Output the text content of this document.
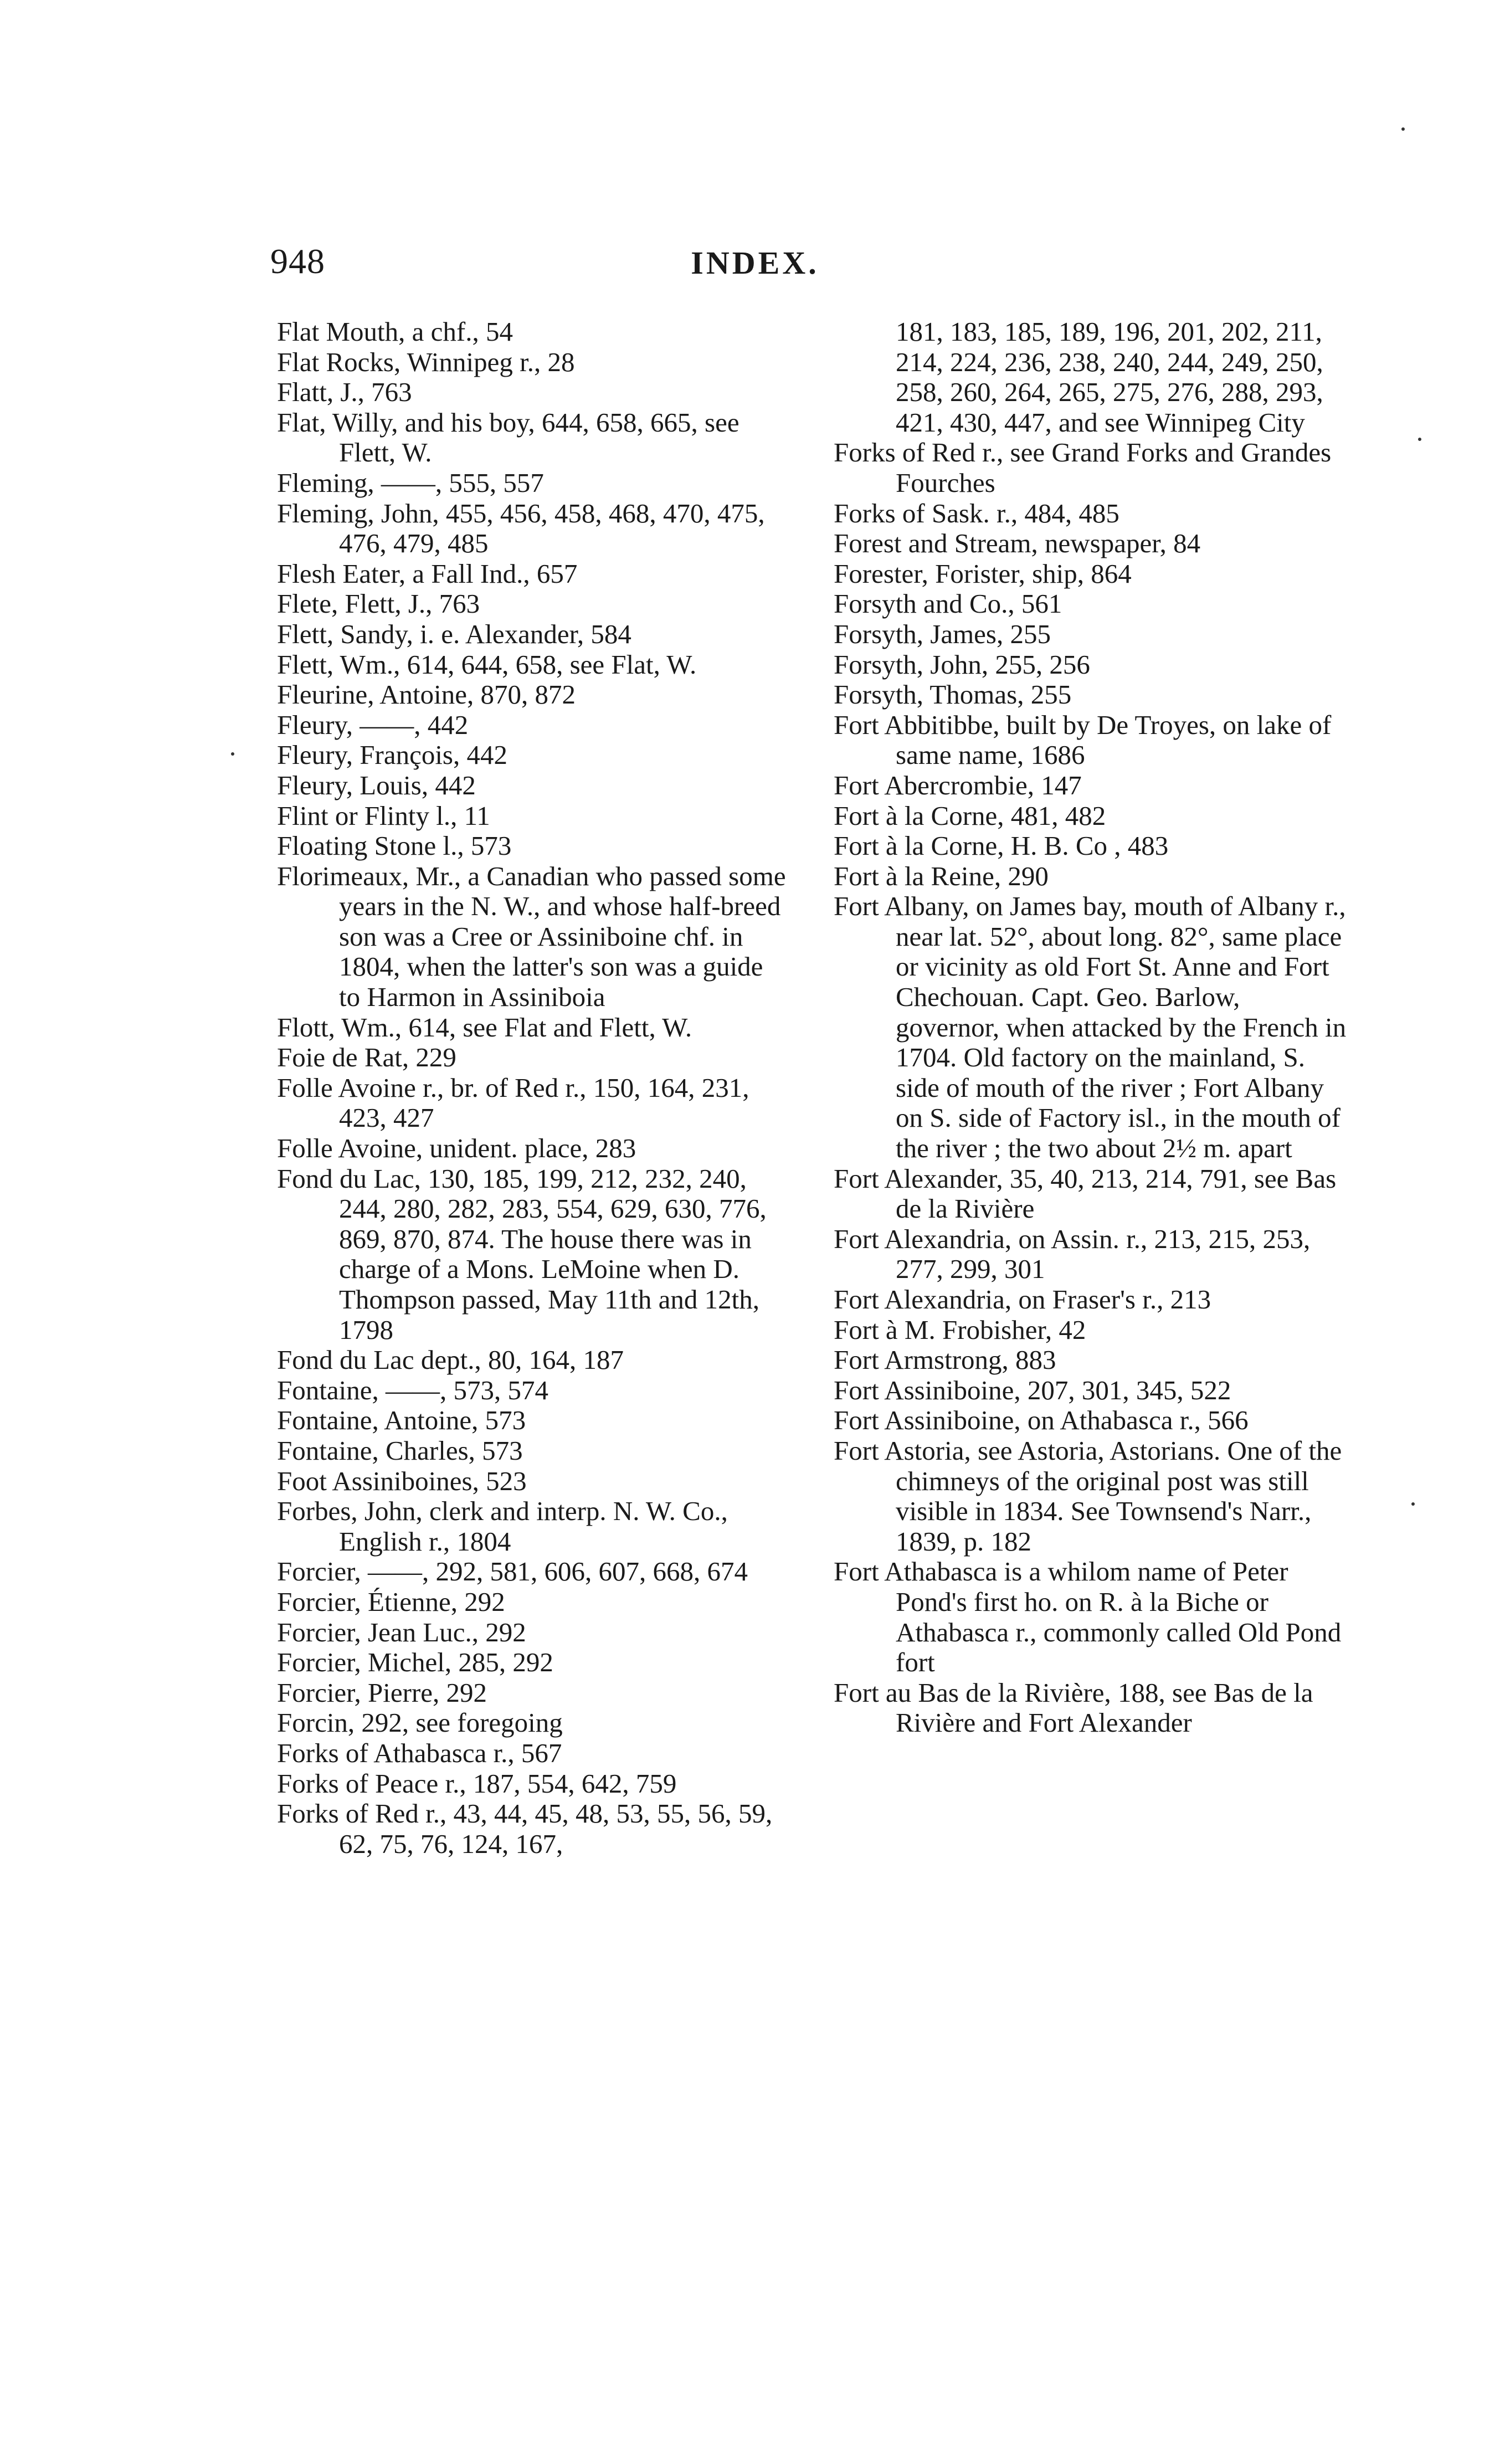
948	INDEX.
Flat Mouth, a chf., 54
Flat Rocks, Winnipeg r., 28
Flatt, J., 763
Flat, Willy, and his boy, 644, 658, 665, see Flett, W.
Fleming, ——, 555, 557
Fleming, John, 455, 456, 458, 468, 470, 475, 476, 479, 485
Flesh Eater, a Fall Ind., 657
Flete, Flett, J., 763
Flett, Sandy, i. e. Alexander, 584
Flett, Wm., 614, 644, 658, see Flat, W.
Fleurine, Antoine, 870, 872
Fleury, ——, 442
Fleury, François, 442
Fleury, Louis, 442
Flint or Flinty l., 11
Floating Stone l., 573
Florimeaux, Mr., a Canadian who passed some years in the N. W., and whose half-breed son was a Cree or Assiniboine chf. in 1804, when the latter's son was a guide to Harmon in Assiniboia
Flott, Wm., 614, see Flat and Flett, W.
Foie de Rat, 229
Folle Avoine r., br. of Red r., 150, 164, 231, 423, 427
Folle Avoine, unident. place, 283
Fond du Lac, 130, 185, 199, 212, 232, 240, 244, 280, 282, 283, 554, 629, 630, 776, 869, 870, 874. The house there was in charge of a Mons. LeMoine when D. Thompson passed, May 11th and 12th, 1798
Fond du Lac dept., 80, 164, 187
Fontaine, ——, 573, 574
Fontaine, Antoine, 573
Fontaine, Charles, 573
Foot Assiniboines, 523
Forbes, John, clerk and interp. N. W. Co., English r., 1804
Forcier, ——, 292, 581, 606, 607, 668, 674
Forcier, Étienne, 292
Forcier, Jean Luc., 292
Forcier, Michel, 285, 292
Forcier, Pierre, 292
Forcin, 292, see foregoing
Forks of Athabasca r., 567
Forks of Peace r., 187, 554, 642, 759
Forks of Red r., 43, 44, 45, 48, 53, 55, 56, 59, 62, 75, 76, 124, 167,
181, 183, 185, 189, 196, 201, 202, 211, 214, 224, 236, 238, 240, 244, 249, 250, 258, 260, 264, 265, 275, 276, 288, 293, 421, 430, 447, and see Winnipeg City
Forks of Red r., see Grand Forks and Grandes Fourches
Forks of Sask. r., 484, 485
Forest and Stream, newspaper, 84
Forester, Forister, ship, 864
Forsyth and Co., 561
Forsyth, James, 255
Forsyth, John, 255, 256
Forsyth, Thomas, 255
Fort Abbitibbe, built by De Troyes, on lake of same name, 1686
Fort Abercrombie, 147
Fort à la Corne, 481, 482
Fort à la Corne, H. B. Co , 483
Fort à la Reine, 290
Fort Albany, on James bay, mouth of Albany r., near lat. 52°, about long. 82°, same place or vicinity as old Fort St. Anne and Fort Chechouan. Capt. Geo. Barlow, governor, when attacked by the French in 1704. Old factory on the mainland, S. side of mouth of the river ; Fort Albany on S. side of Factory isl., in the mouth of the river ; the two about 2½ m. apart
Fort Alexander, 35, 40, 213, 214, 791, see Bas de la Rivière
Fort Alexandria, on Assin. r., 213, 215, 253, 277, 299, 301
Fort Alexandria, on Fraser's r., 213
Fort à M. Frobisher, 42
Fort Armstrong, 883
Fort Assiniboine, 207, 301, 345, 522
Fort Assiniboine, on Athabasca r., 566
Fort Astoria, see Astoria, Astorians. One of the chimneys of the original post was still visible in 1834. See Townsend's Narr., 1839, p. 182
Fort Athabasca is a whilom name of Peter Pond's first ho. on R. à la Biche or Athabasca r., commonly called Old Pond fort
Fort au Bas de la Rivière, 188, see Bas de la Rivière and Fort Alexander
